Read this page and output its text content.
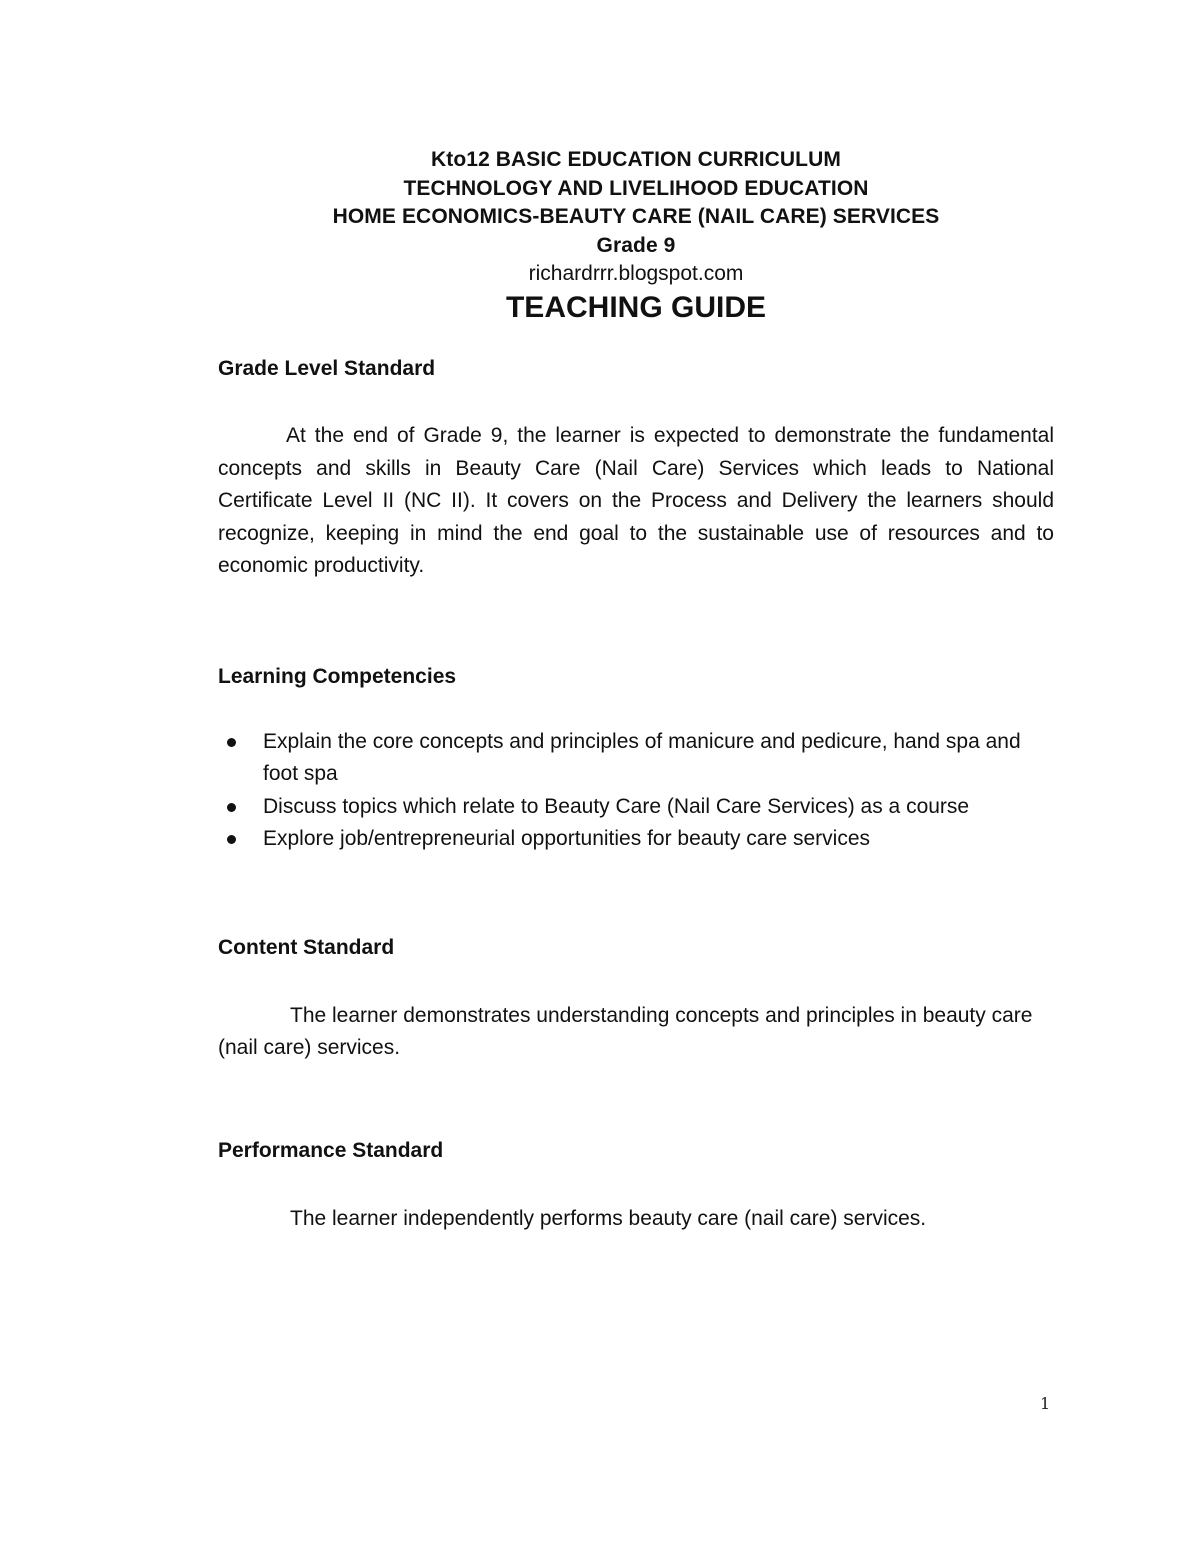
Kto12 BASIC EDUCATION CURRICULUM
TECHNOLOGY AND LIVELIHOOD EDUCATION
HOME ECONOMICS-BEAUTY CARE (NAIL CARE) SERVICES
Grade 9
richardrrr.blogspot.com
TEACHING GUIDE
Grade Level Standard

At the end of Grade 9, the learner is expected to demonstrate the fundamental concepts and skills in Beauty Care (Nail Care) Services which leads to National Certificate Level II (NC II). It covers on the Process and Delivery the learners should recognize, keeping in mind the end goal to the sustainable use of resources and to economic productivity.

Learning Competencies
Explain the core concepts and principles of manicure and pedicure, hand spa and foot spa
Discuss topics which relate to Beauty Care (Nail Care Services) as a course
Explore job/entrepreneurial opportunities for beauty care services
Content Standard

The learner demonstrates understanding concepts and principles in beauty care (nail care) services.

Performance Standard

The learner independently performs beauty care (nail care) services.

1
